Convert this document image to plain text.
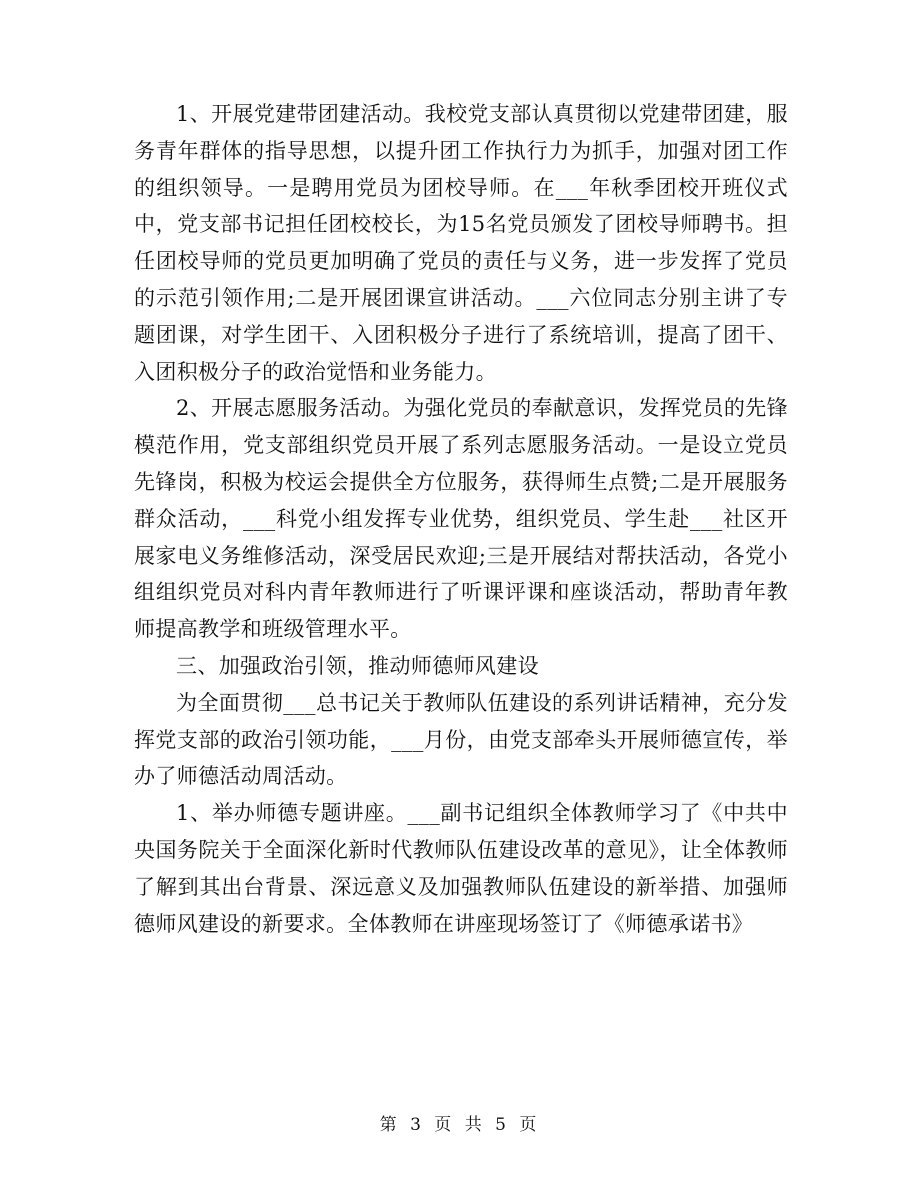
1、开展党建带团建活动。我校党支部认真贯彻以党建带团建，服务青年群体的指导思想，以提升团工作执行力为抓手，加强对团工作的组织领导。一是聘用党员为团校导师。在___年秋季团校开班仪式中，党支部书记担任团校校长，为15名党员颁发了团校导师聘书。担任团校导师的党员更加明确了党员的责任与义务，进一步发挥了党员的示范引领作用;二是开展团课宣讲活动。___六位同志分别主讲了专题团课，对学生团干、入团积极分子进行了系统培训，提高了团干、入团积极分子的政治觉悟和业务能力。

2、开展志愿服务活动。为强化党员的奉献意识，发挥党员的先锋模范作用，党支部组织党员开展了系列志愿服务活动。一是设立党员先锋岗，积极为校运会提供全方位服务，获得师生点赞;二是开展服务群众活动，___科党小组发挥专业优势，组织党员、学生赴___社区开展家电义务维修活动，深受居民欢迎;三是开展结对帮扶活动，各党小组组织党员对科内青年教师进行了听课评课和座谈活动，帮助青年教师提高教学和班级管理水平。

三、加强政治引领，推动师德师风建设

为全面贯彻___总书记关于教师队伍建设的系列讲话精神，充分发挥党支部的政治引领功能，___月份，由党支部牵头开展师德宣传，举办了师德活动周活动。

1、举办师德专题讲座。___副书记组织全体教师学习了《中共中央国务院关于全面深化新时代教师队伍建设改革的意见》，让全体教师了解到其出台背景、深远意义及加强教师队伍建设的新举措、加强师德师风建设的新要求。全体教师在讲座现场签订了《师德承诺书》

第 3 页 共 5 页
